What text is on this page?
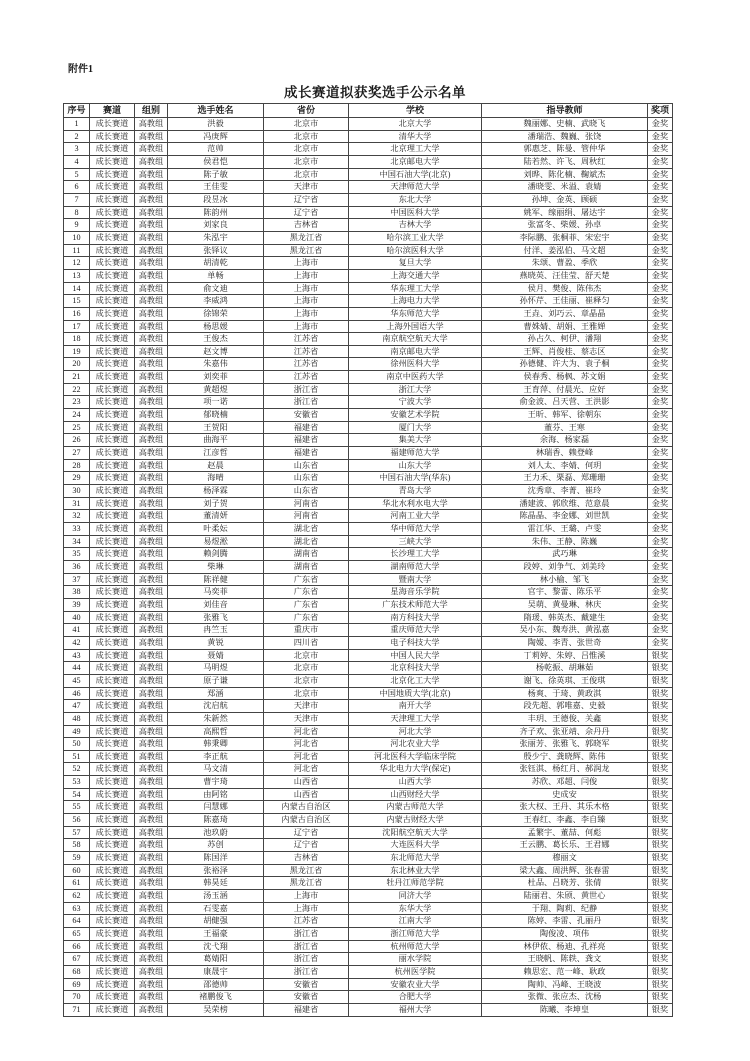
附件1
成长赛道拟获奖选手公示名单
序号	赛道	组别	选手姓名	省份	学校	指导教师	奖项
1	成长赛道	高教组	洪毅	北京市	北京大学	魏丽娜、史楠、武晓飞	金奖
2	成长赛道	高教组	冯庚辉	北京市	清华大学	潘瑞浩、魏巍、张饶	金奖
3	成长赛道	高教组	范帅	北京市	北京理工大学	郭惠芝、陈曼、管仲华	金奖
4	成长赛道	高教组	侯君恺	北京市	北京邮电大学	陆若然、许飞、周秋红	金奖
5	成长赛道	高教组	陈子敏	北京市	中国石油大学(北京)	刘晔、陈化楠、鞠斌杰	金奖
6	成长赛道	高教组	王佳雯	天津市	天津师范大学	潘晓雯、米溢、袁婧	金奖
7	成长赛道	高教组	段昱冰	辽宁省	东北大学	孙坤、金英、顾硕	金奖
8	成长赛道	高教组	陈韵州	辽宁省	中国医科大学	姚军、缐丽绢、屠达宇	金奖
9	成长赛道	高教组	刘家良	吉林省	吉林大学	张富冬、柴媛、孙卓	金奖
10	成长赛道	高教组	朱泓宇	黑龙江省	哈尔滨工业大学	李际鹏、张桐菲、宋宏宇	金奖
11	成长赛道	高教组	张铎议	黑龙江省	哈尔滨医科大学	付洋、姜泓伯、马文超	金奖
12	成长赛道	高教组	胡清乾	上海市	复旦大学	朱颂、曹盈、季欣	金奖
13	成长赛道	高教组	单畅	上海市	上海交通大学	燕晓英、汪佳莹、舒天楚	金奖
14	成长赛道	高教组	俞文迪	上海市	华东理工大学	侯月、樊俊、陈伟杰	金奖
15	成长赛道	高教组	李威鸿	上海市	上海电力大学	孙怀芹、王佳丽、崔释匀	金奖
16	成长赛道	高教组	徐锦荣	上海市	华东师范大学	王垚、刘巧云、章晶晶	金奖
17	成长赛道	高教组	杨思媛	上海市	上海外国语大学	曹姝婧、胡娟、王雅婵	金奖
18	成长赛道	高教组	王俊杰	江苏省	南京航空航天大学	孙占久、柯伊、潘翔	金奖
19	成长赛道	高教组	赵文博	江苏省	南京邮电大学	王辉、肖俊桂、蔡志区	金奖
20	成长赛道	高教组	朱嘉伟	江苏省	徐州医科大学	孙德健、许大为、袁子桐	金奖
21	成长赛道	高教组	刘奕菲	江苏省	南京中医药大学	侯春秀、杨枫、苏文娟	金奖
22	成长赛道	高教组	黄超煜	浙江省	浙江大学	王育萍、付晨光、应好	金奖
23	成长赛道	高教组	项一诺	浙江省	宁波大学	俞金波、吕天营、王洪影	金奖
24	成长赛道	高教组	郁晓楠	安徽省	安徽艺术学院	王昕、韩军、徐朝东	金奖
25	成长赛道	高教组	王贺阳	福建省	厦门大学	董芬、王寒	金奖
26	成长赛道	高教组	曲海平	福建省	集美大学	余海、杨家磊	金奖
27	成长赛道	高教组	江彦哲	福建省	福建师范大学	林瑞香、赖登峰	金奖
28	成长赛道	高教组	赵晨	山东省	山东大学	刘人太、李婧、何玥	金奖
29	成长赛道	高教组	海晴	山东省	中国石油大学(华东)	王力禾、栗磊、郑珊珊	金奖
30	成长赛道	高教组	杨泽霖	山东省	青岛大学	沈秀章、李菁、崔玲	金奖
31	成长赛道	高教组	刘子贺	河南省	华北水利水电大学	潘建波、郭欣维、范意晨	金奖
32	成长赛道	高教组	董清妍	河南省	河南工业大学	陈晶晶、李金娜、刘世凯	金奖
33	成长赛道	高教组	叶柔妘	湖北省	华中师范大学	雷江华、王璐、卢雯	金奖
34	成长赛道	高教组	易煜淞	湖北省	三峡大学	朱伟、王静、陈巍	金奖
35	成长赛道	高教组	赖剑腾	湖南省	长沙理工大学	武巧琳	金奖
36	成长赛道	高教组	柴琳	湖南省	湖南师范大学	段婷、刘争气、刘美玲	金奖
37	成长赛道	高教组	陈祥健	广东省	暨南大学	林小榆、邹飞	金奖
38	成长赛道	高教组	马奕菲	广东省	星海音乐学院	官宇、黎蕾、陈乐平	金奖
39	成长赛道	高教组	刘佳音	广东省	广东技术师范大学	吴萌、黄曼琳、林庆	金奖
40	成长赛道	高教组	张雅飞	广东省	南方科技大学	隋瑗、韩英杰、戴建生	金奖
41	成长赛道	高教组	冉竺玉	重庆市	重庆师范大学	吴小东、魏寿洪、黄泓嘉	金奖
42	成长赛道	高教组	黄锐	四川省	电子科技大学	陶嫒、李青、张世奇	金奖
43	成长赛道	高教组	聂婧	北京市	中国人民大学	丁莉婷、朱婷、吕惟溪	银奖
44	成长赛道	高教组	马明煜	北京市	北京科技大学	杨乾振、胡琳茹	银奖
45	成长赛道	高教组	原子谦	北京市	北京化工大学	谢飞、徐英琪、王俊琪	银奖
46	成长赛道	高教组	郑涵	北京市	中国地质大学(北京)	杨爽、于琦、黄政淇	银奖
47	成长赛道	高教组	沈启航	天津市	南开大学	段先超、郭唯嘉、史毅	银奖
48	成长赛道	高教组	朱新然	天津市	天津理工大学	丰玥、王德俊、关鑫	银奖
49	成长赛道	高教组	高熙哲	河北省	河北大学	齐子欢、张亚靖、佘丹丹	银奖
50	成长赛道	高教组	韩秉卿	河北省	河北农业大学	张丽芳、张雅飞、郭晓军	银奖
51	成长赛道	高教组	李正航	河北省	河北医科大学临床学院	殷少宁、龚晓辉、陈伟	银奖
52	成长赛道	高教组	马文清	河北省	华北电力大学(保定)	张钰淇、杨红月、郝润龙	银奖
53	成长赛道	高教组	曹宇琦	山西省	山西大学	苏欣、邓超、闫俊	银奖
54	成长赛道	高教组	由阿铭	山西省	山西财经大学	史成安	银奖
55	成长赛道	高教组	闫慧娜	内蒙古自治区	内蒙古师范大学	张大权、王丹、其乐木格	银奖
56	成长赛道	高教组	陈嘉琦	内蒙古自治区	内蒙古财经大学	王春红、李鑫、李自臻	银奖
57	成长赛道	高教组	池玖蔚	辽宁省	沈阳航空航天大学	孟繁宇、董喆、何彪	银奖
58	成长赛道	高教组	苏创	辽宁省	大连医科大学	王云鹏、葛长乐、王君娜	银奖
59	成长赛道	高教组	陈国洋	吉林省	东北师范大学	穆丽文	银奖
60	成长赛道	高教组	张裕泽	黑龙江省	东北林业大学	梁大鑫、周洪辉、张春雷	银奖
61	成长赛道	高教组	韩昊廷	黑龙江省	牡丹江师范学院	杜品、吕晓芳、张倩	银奖
62	成长赛道	高教组	汤玉涵	上海市	同济大学	陆丽君、朱颀、黄世心	银奖
63	成长赛道	高教组	石雯嘉	上海市	东华大学	于翔、陶莉、纪静	银奖
64	成长赛道	高教组	胡健强	江苏省	江南大学	陈婷、李雷、孔丽丹	银奖
65	成长赛道	高教组	王福豪	浙江省	浙江师范大学	陶俊凌、项伟	银奖
66	成长赛道	高教组	沈弋翔	浙江省	杭州师范大学	林伊侬、杨迪、孔祥亮	银奖
67	成长赛道	高教组	葛婧阳	浙江省	丽水学院	王晓帆、陈轶、龚文	银奖
68	成长赛道	高教组	康晟宇	浙江省	杭州医学院	赖思宏、范一峰、耿政	银奖
69	成长赛道	高教组	邵德帅	安徽省	安徽农业大学	陶帅、冯峰、王晓波	银奖
70	成长赛道	高教组	褚鹏俊飞	安徽省	合肥大学	张微、张应杰、沈杨	银奖
71	成长赛道	高教组	吴荣榜	福建省	福州大学	陈曦、李坤皇	银奖
